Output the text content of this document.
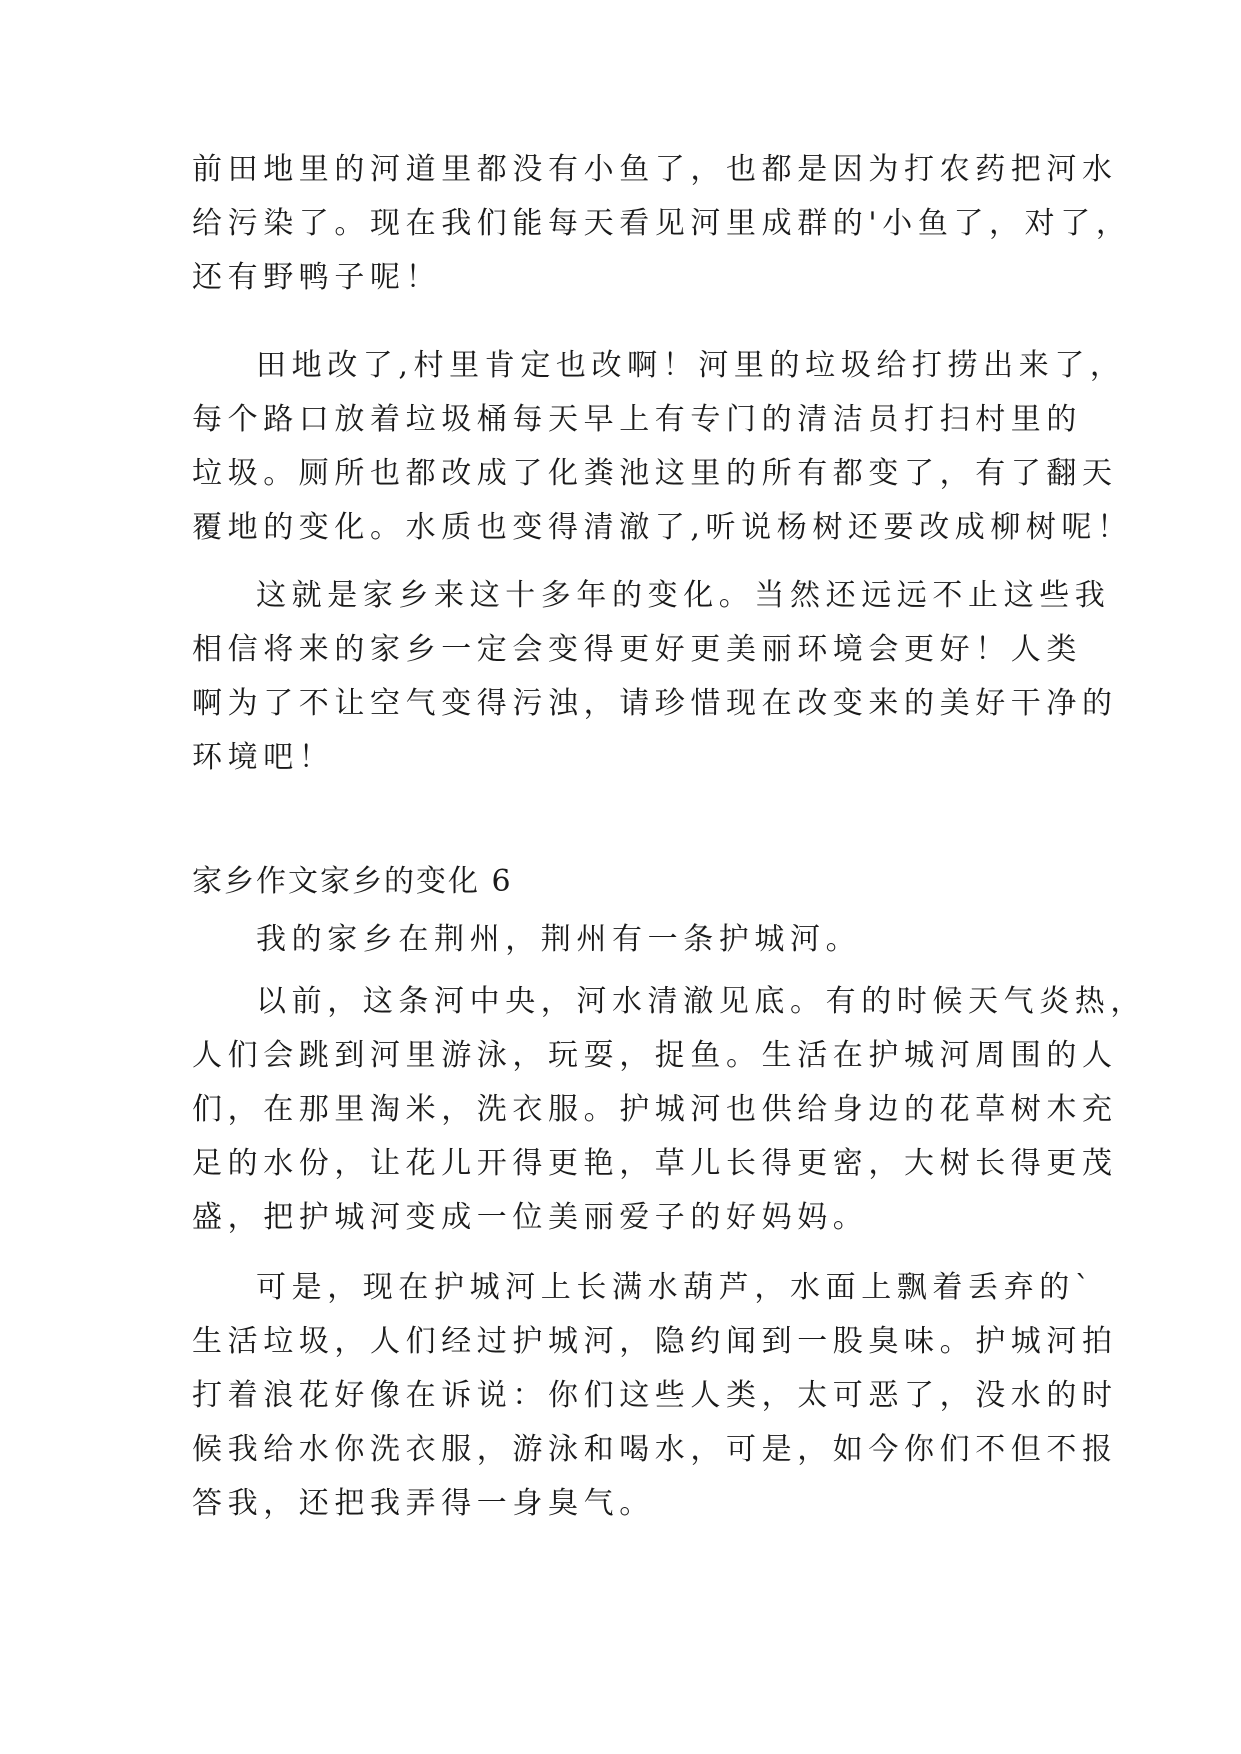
前田地里的河道里都没有小鱼了，也都是因为打农药把河水
给污染了。现在我们能每天看见河里成群的'小鱼了，对了，
还有野鸭子呢！
田地改了,村里肯定也改啊！河里的垃圾给打捞出来了，
每个路口放着垃圾桶每天早上有专门的清洁员打扫村里的
垃圾。厕所也都改成了化粪池这里的所有都变了，有了翻天
覆地的变化。水质也变得清澈了,听说杨树还要改成柳树呢！
这就是家乡来这十多年的变化。当然还远远不止这些我
相信将来的家乡一定会变得更好更美丽环境会更好！人类
啊为了不让空气变得污浊，请珍惜现在改变来的美好干净的
环境吧！
家乡作文家乡的变化 6
我的家乡在荆州，荆州有一条护城河。
以前，这条河中央，河水清澈见底。有的时候天气炎热，
人们会跳到河里游泳，玩耍，捉鱼。生活在护城河周围的人
们，在那里淘米，洗衣服。护城河也供给身边的花草树木充
足的水份，让花儿开得更艳，草儿长得更密，大树长得更茂
盛，把护城河变成一位美丽爱子的好妈妈。
可是，现在护城河上长满水葫芦，水面上飘着丢弃的`
生活垃圾，人们经过护城河，隐约闻到一股臭味。护城河拍
打着浪花好像在诉说：你们这些人类，太可恶了，没水的时
候我给水你洗衣服，游泳和喝水，可是，如今你们不但不报
答我，还把我弄得一身臭气。
